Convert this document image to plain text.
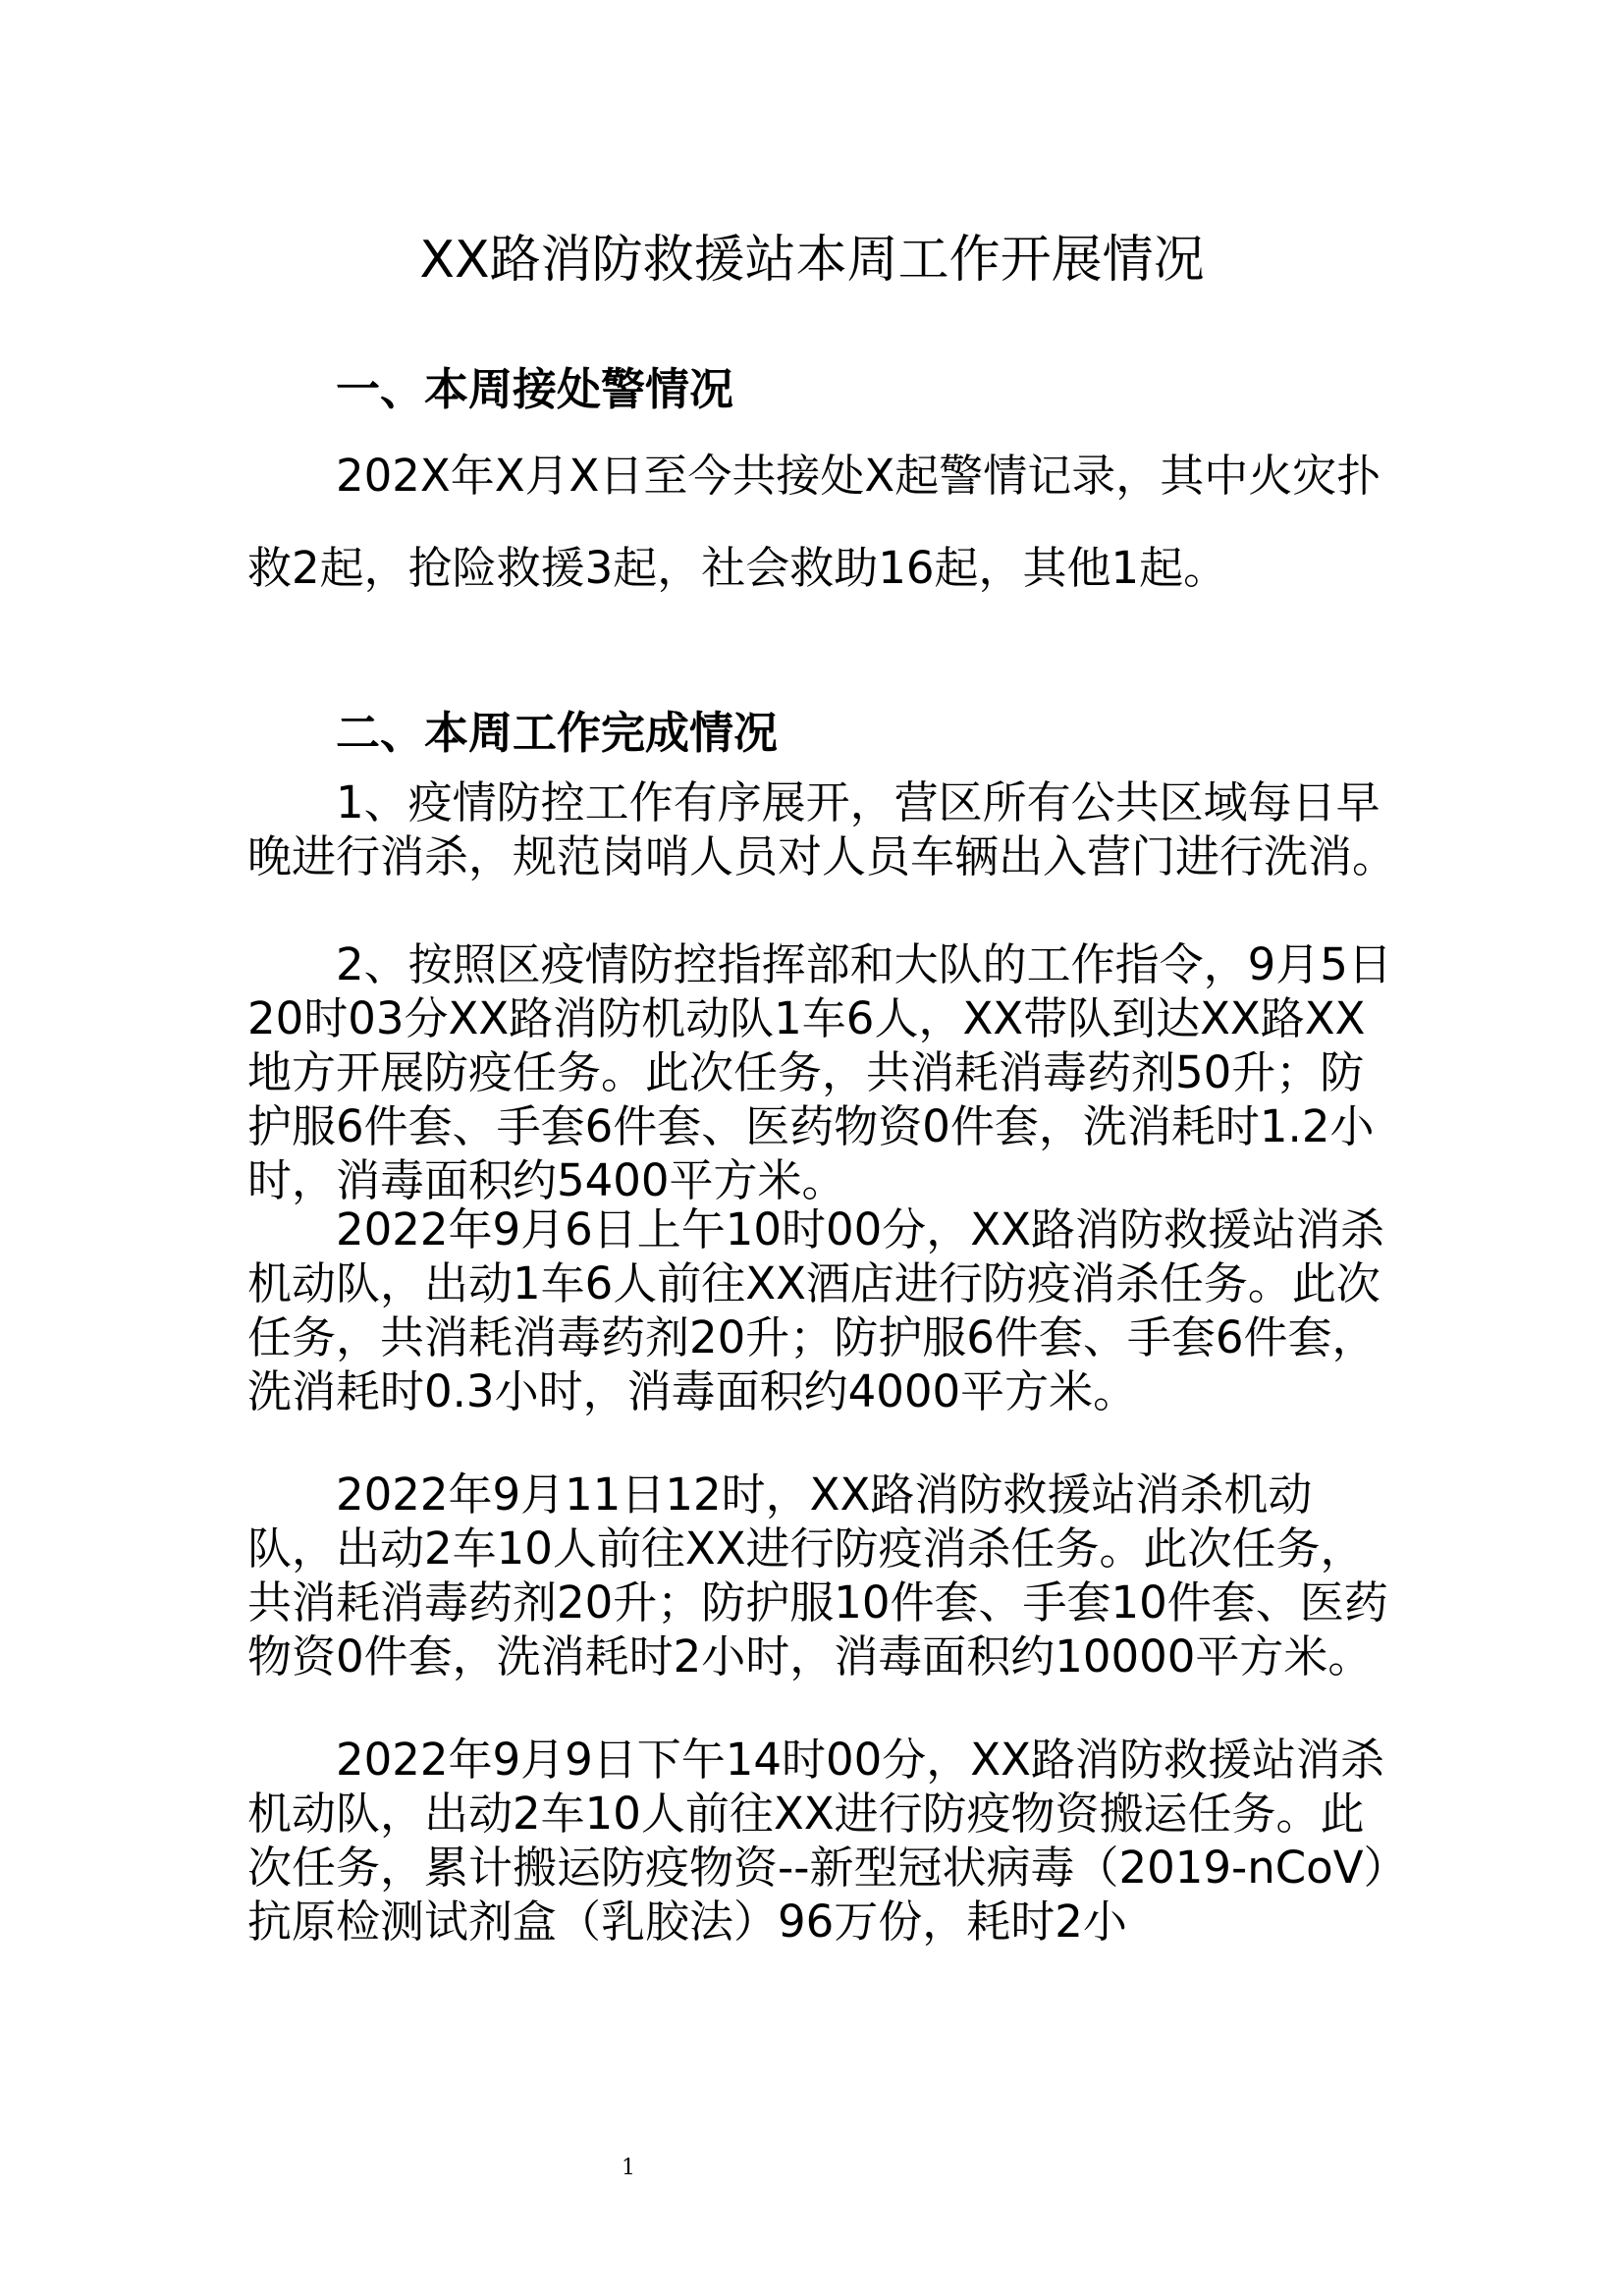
XX路消防救援站本周工作开展情况
一、本周接处警情况

202X年X月X日至今共接处X起警情记录，其中火灾扑救2起，抢险救援3起，社会救助16起，其他1起。

二、本周工作完成情况

1、疫情防控工作有序展开，营区所有公共区域每日早晚进行消杀，规范岗哨人员对人员车辆出入营门进行洗消。

2、按照区疫情防控指挥部和大队的工作指令，9月5日20时03分XX路消防机动队1车6人，XX带队到达XX路XX地方开展防疫任务。此次任务，共消耗消毒药剂50升；防护服6件套、手套6件套、医药物资0件套，洗消耗时1.2小时，消毒面积约5400平方米。

2022年9月6日上午10时00分，XX路消防救援站消杀机动队，出动1车6人前往XX酒店进行防疫消杀任务。此次任务，共消耗消毒药剂20升；防护服6件套、手套6件套，洗消耗时0.3小时，消毒面积约4000平方米。

2022年9月11日12时，XX路消防救援站消杀机动队，出动2车10人前往XX进行防疫消杀任务。此次任务，共消耗消毒药剂20升；防护服10件套、手套10件套、医药物资0件套，洗消耗时2小时，消毒面积约10000平方米。

2022年9月9日下午14时00分，XX路消防救援站消杀机动队，出动2车10人前往XX进行防疫物资搬运任务。此次任务，累计搬运防疫物资--新型冠状病毒（2019-nCoV）抗原检测试剂盒（乳胶法）96万份，耗时2小

1
